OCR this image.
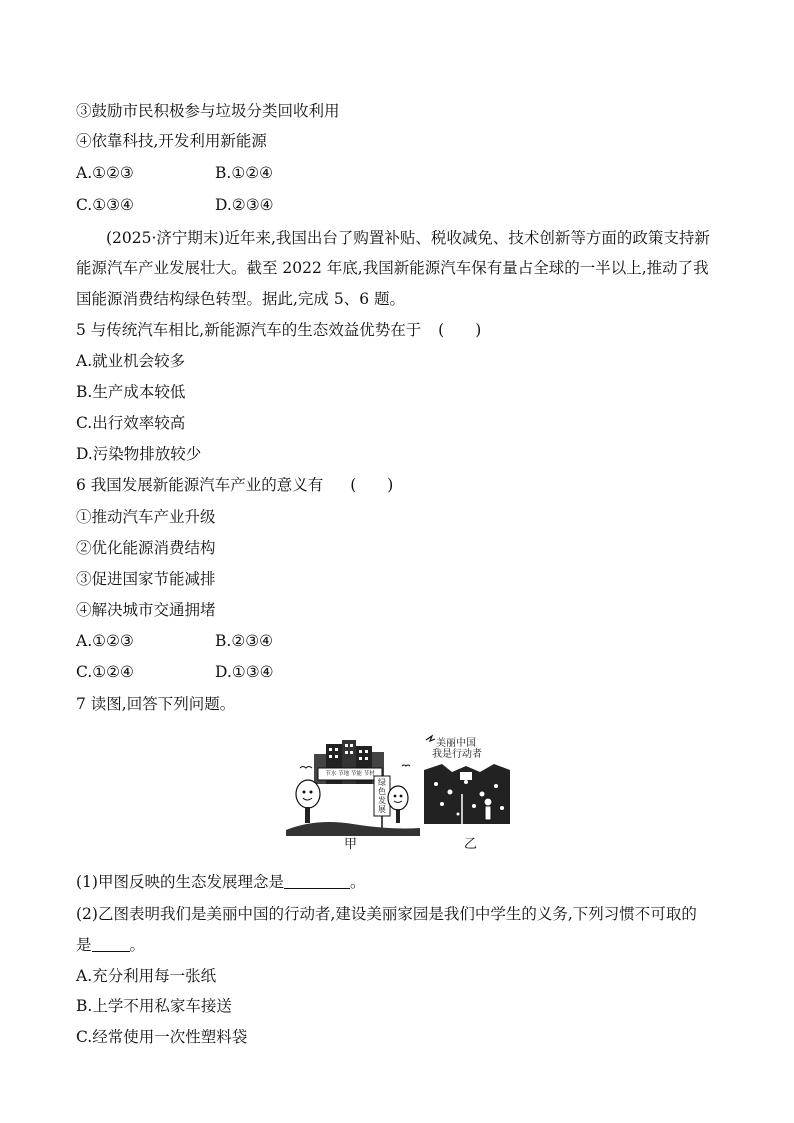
③鼓励市民积极参与垃圾分类回收利用
④依靠科技,开发利用新能源
A.①②③	B.①②④
C.①③④	D.②③④
(2025·济宁期末)近年来,我国出台了购置补贴、税收减免、技术创新等方面的政策支持新
能源汽车产业发展壮大。截至 2022 年底,我国新能源汽车保有量占全球的一半以上,推动了我
国能源消费结构绿色转型。据此,完成 5、6 题。
5 与传统汽车相比,新能源汽车的生态效益优势在于 (　　)
A.就业机会较多
B.生产成本较低
C.出行效率较高
D.污染物排放较少
6 我国发展新能源汽车产业的意义有 (　　)
①推动汽车产业升级
②优化能源消费结构
③促进国家节能减排
④解决城市交通拥堵
A.①②③	B.②③④
C.①②④	D.①③④
7 读图,回答下列问题。
节水 节地 节能 节材
绿色发展
美丽中国
我是行动者
甲	乙
(1)甲图反映的生态发展理念是	。
(2)乙图表明我们是美丽中国的行动者,建设美丽家园是我们中学生的义务,下列习惯不可取的
是 。
A.充分利用每一张纸
B.上学不用私家车接送
C.经常使用一次性塑料袋
